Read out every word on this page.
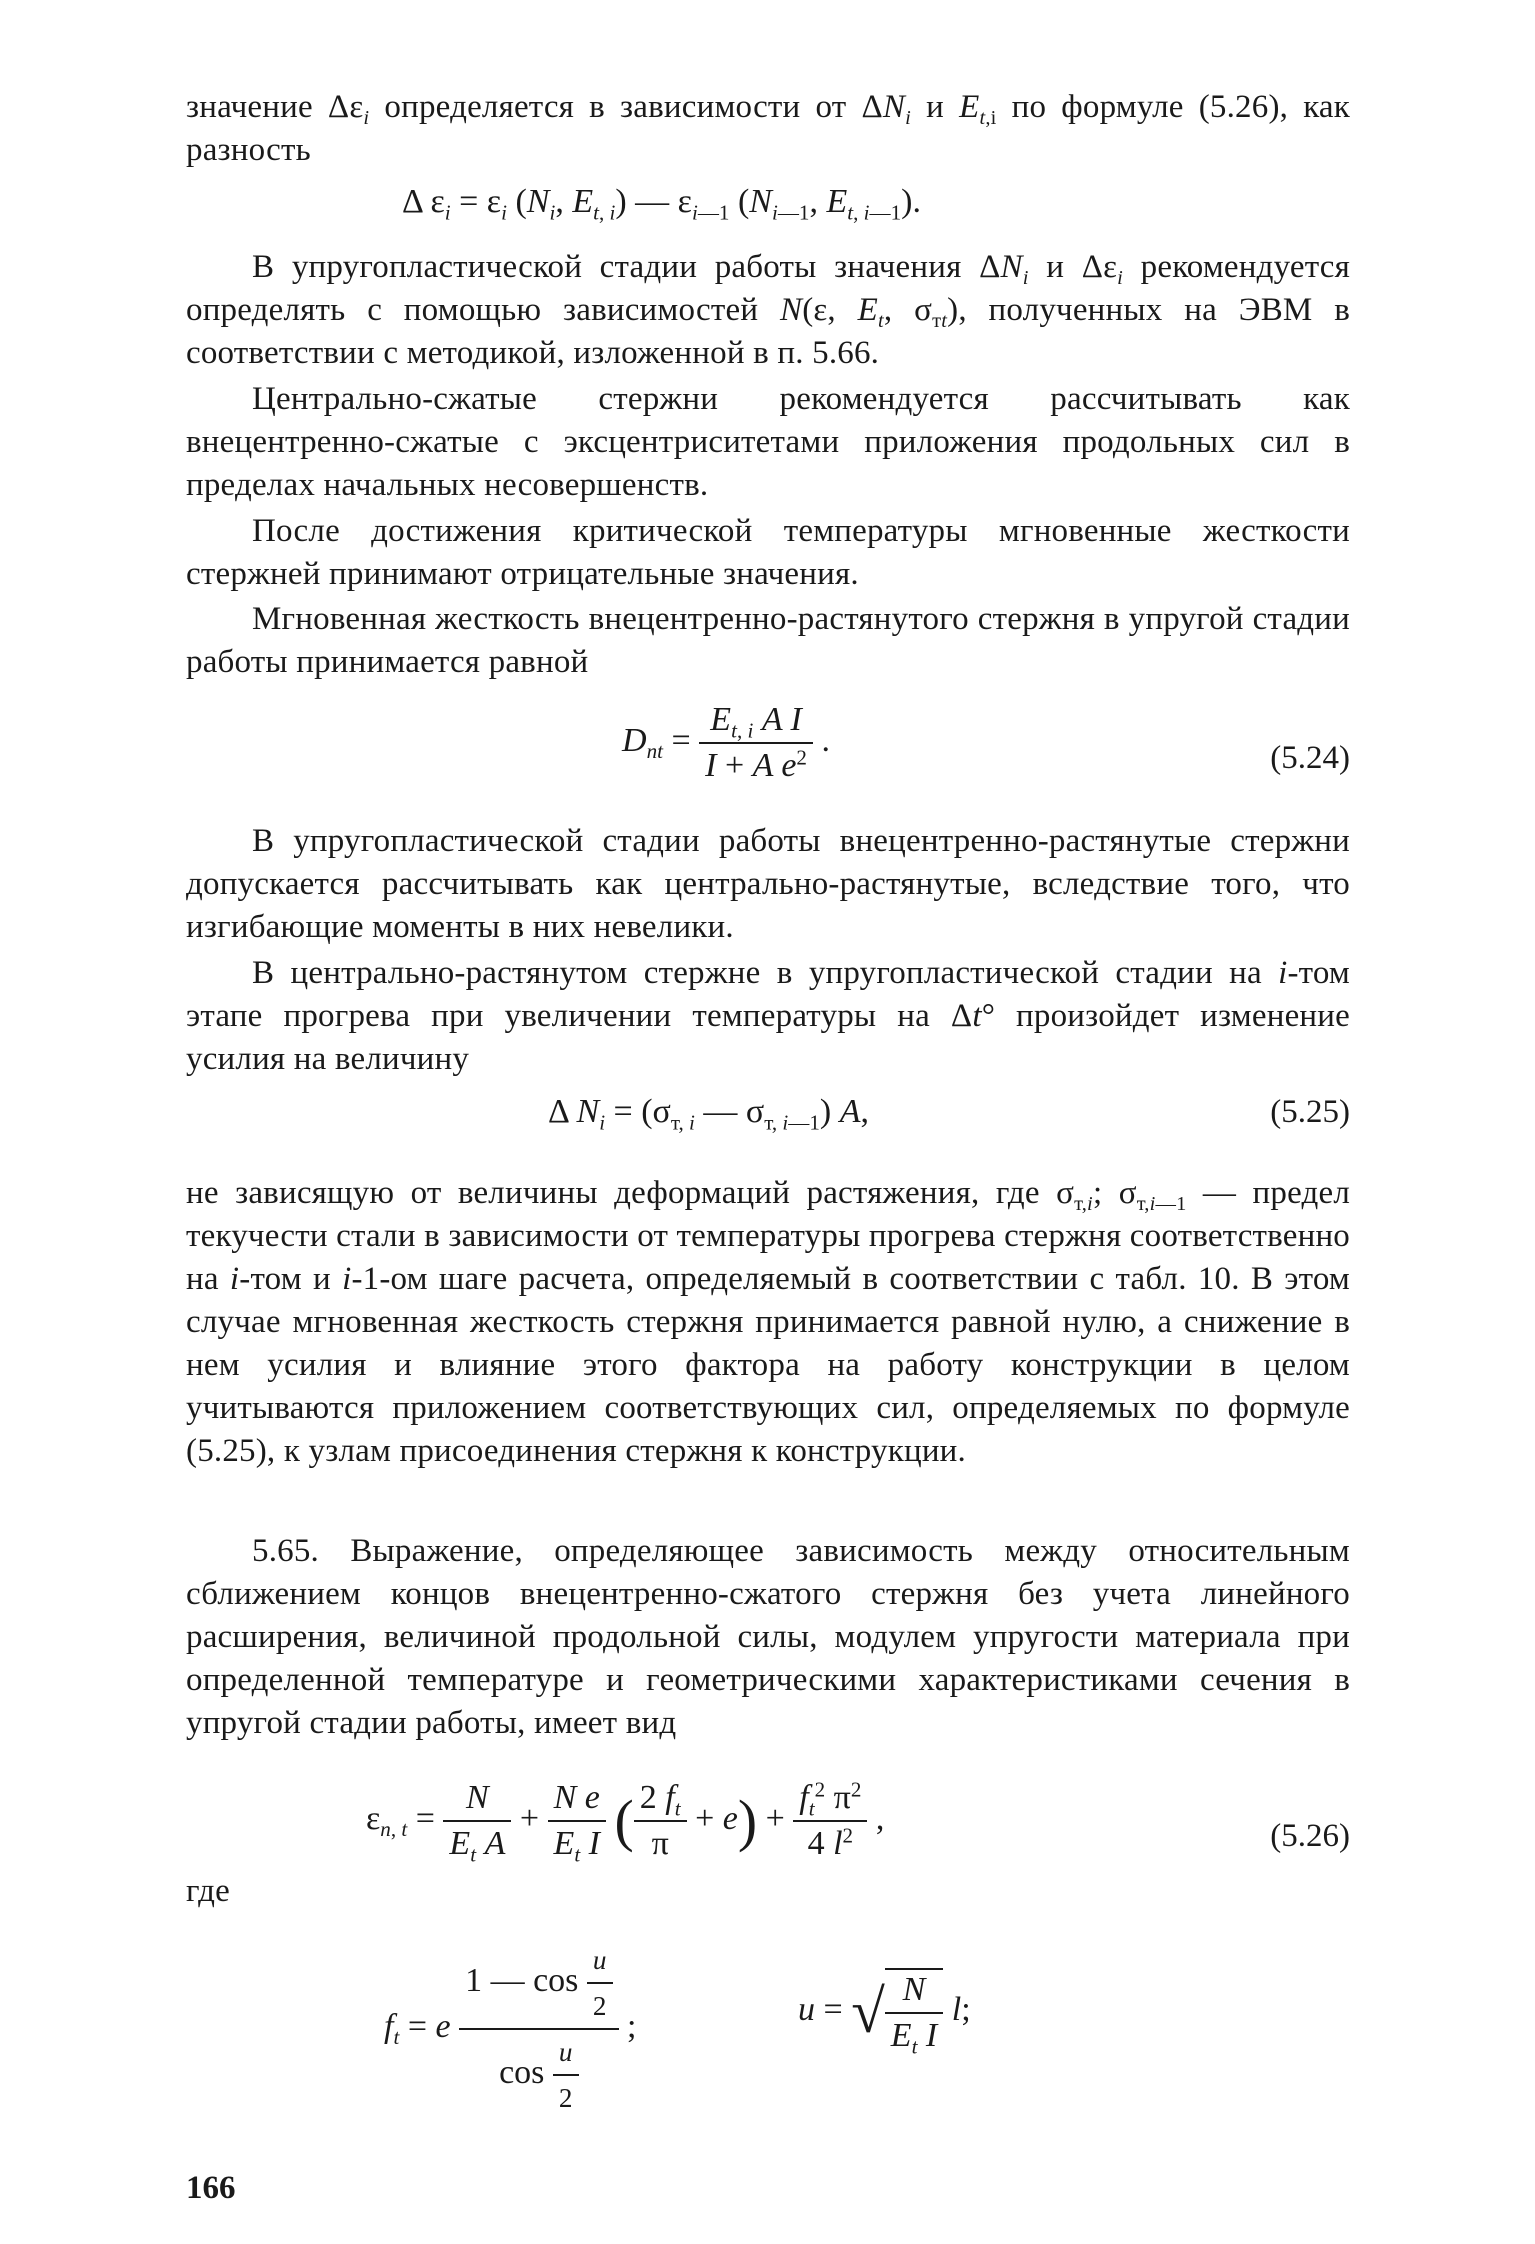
значение $\Delta\varepsilon_i$ определяется в зависимости от $\Delta N_i$ и $E_{t,i}$ по формуле (5.26), как разность
Δ $\varepsilon_i = \varepsilon_i$ ($N_i$, $E_{t, i}$) — $\varepsilon_{i—1}$ ($N_{i—1}$, $E_{t, i—1}$).
В упругопластической стадии работы значения $\Delta N_i$ и $\Delta\varepsilon_i$ рекомендуется определять с помощью зависимостей N(ε, $E_t$, $\sigma_{тt}$), полученных на ЭВМ в соответствии с методикой, изложенной в п. 5.66.
Центрально-сжатые стержни рекомендуется рассчитывать как внецентренно-сжатые с эксцентриситетами приложения продольных сил в пределах начальных несовершенств.
После достижения критической температуры мгновенные жесткости стержней принимают отрицательные значения.
Мгновенная жесткость внецентренно-растянутого стержня в упругой стадии работы принимается равной
$D_{nt} = \frac{E_{t, i} A I}{I + A e^2}$ .	(5.24)
В упругопластической стадии работы внецентренно-растянутые стержни допускается рассчитывать как центрально-растянутые, вследствие того, что изгибающие моменты в них невелики.
В центрально-растянутом стержне в упругопластической стадии на i-том этапе прогрева при увеличении температуры на Δt° произойдет изменение усилия на величину
Δ $N_i = (\sigma_{т, i}$ — $\sigma_{т, i—1}$) A,	(5.25)
не зависящую от величины деформаций растяжения, где $\sigma_{т,i}$; $\sigma_{т,i—1}$ — предел текучести стали в зависимости от температуры прогрева стержня соответственно на i-том и i-1-ом шаге расчета, определяемый в соответствии с табл. 10. В этом случае мгновенная жесткость стержня принимается равной нулю, а снижение в нем усилия и влияние этого фактора на работу конструкции в целом учитываются приложением соответствующих сил, определяемых по формуле (5.25), к узлам присоединения стержня к конструкции.
5.65. Выражение, определяющее зависимость между относительным сближением концов внецентренно-сжатого стержня без учета линейного расширения, величиной продольной силы, модулем упругости материала при определенной температуре и геометрическими характеристиками сечения в упругой стадии работы, имеет вид
$\varepsilon_{n, t} = \frac{N}{E_t A} + \frac{\text{N e}}{E_t I}$ ( $\frac{2 f_t}{\pi} + e) + \frac{f_t^2 \pi^2}{4 l^2}$ ,	(5.26)
где
$f_t = e \frac{1 — \cos \frac{u}{2}}{\cos \frac{u}{2}}$ ;	u = √ $\frac{N}{E_t I} l$;
166
